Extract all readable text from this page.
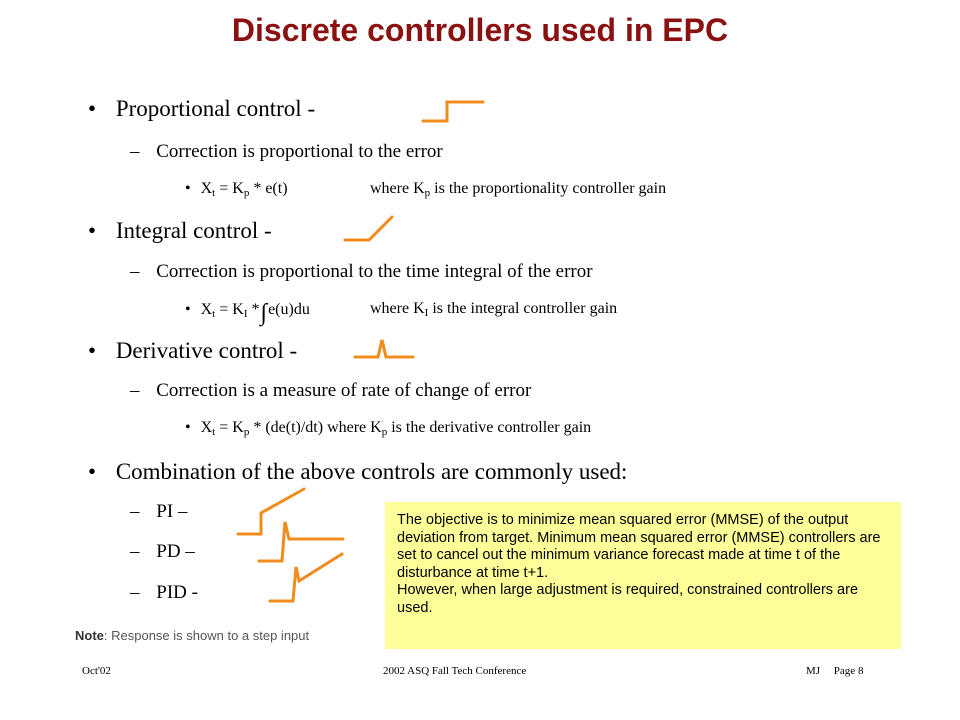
Discrete controllers used in EPC
• Proportional control -
– Correction is proportional to the error
• $X_t = K_p * e(t)$	where $K_p$ is the proportionality controller gain
• Integral control -
– Correction is proportional to the time integral of the error
• $X_t = K_I$ *∫e(u)du	where $K_I$ is the integral controller gain
• Derivative control -
– Correction is a measure of rate of change of error
• $X_t = K_p * (de(t)/dt)$ where $K_p$ is the derivative controller gain
• Combination of the above controls are commonly used:
– PI –
– PD –
– PID -
Note: Response is shown to a step input
The objective is to minimize mean squared error (MMSE) of the output deviation from target. Minimum mean squared error (MMSE) controllers are set to cancel out the minimum variance forecast made at time t of the disturbance at time t+1.
However, when large adjustment is required, constrained controllers are used.
Oct'02	2002 ASQ Fall Tech Conference	MJ     Page 8
